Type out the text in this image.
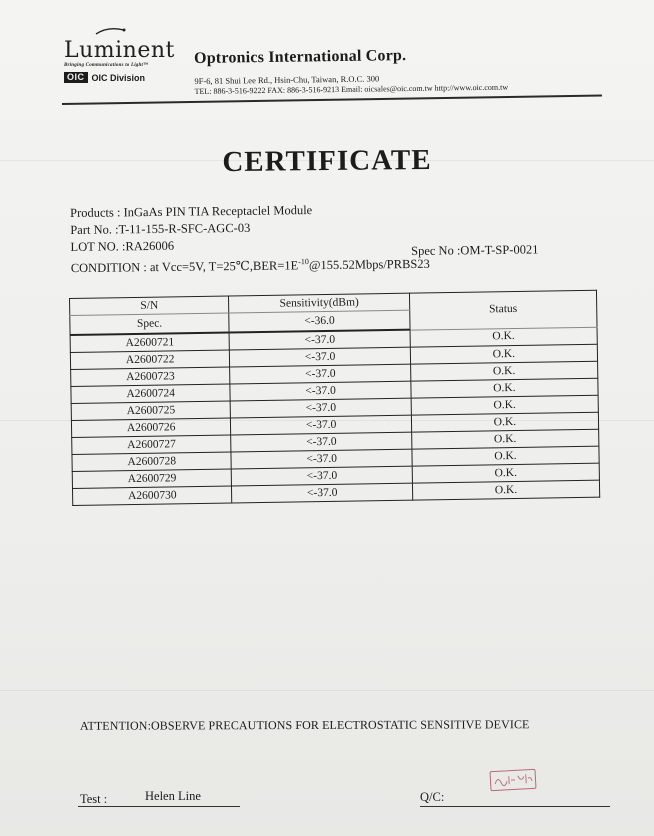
Luminent
Bringing Communications to Light™
OIC OIC Division
Optronics International Corp.
9F-6, 81 Shui Lee Rd., Hsin-Chu, Taiwan, R.O.C. 300
TEL: 886-3-516-9222 FAX: 886-3-516-9213 Email: oicsales@oic.com.tw http://www.oic.com.tw
CERTIFICATE
Products : InGaAs PIN TIA Receptaclel Module
Part No. :T-11-155-R-SFC-AGC-03
LOT NO. :RA26006
CONDITION : at Vcc=5V, $T=25℃,BER=1E^{-10}@155.52Mbps/PRBS23$
Spec No :OM-T-SP-0021
S/N	Sensitivity(dBm)	Status
Spec.	<-36.0	
A2600721	<-37.0	O.K.
A2600722	<-37.0	O.K.
A2600723	<-37.0	O.K.
A2600724	<-37.0	O.K.
A2600725	<-37.0	O.K.
A2600726	<-37.0	O.K.
A2600727	<-37.0	O.K.
A2600728	<-37.0	O.K.
A2600729	<-37.0	O.K.
A2600730	<-37.0	O.K.
ATTENTION:OBSERVE PRECAUTIONS FOR ELECTROSTATIC SENSITIVE DEVICE
Test :	Helen Line	Q/C:
